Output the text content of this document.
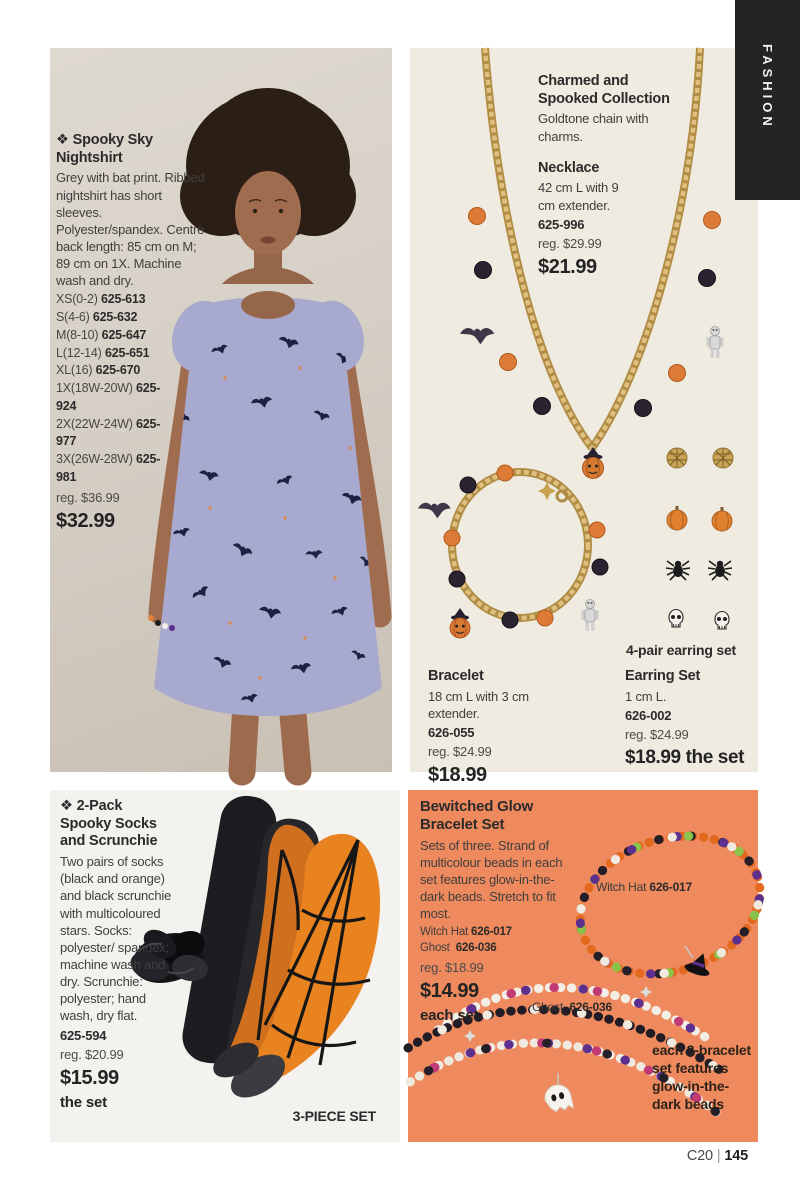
❖ Spooky Sky Nightshirt
Grey with bat print. Ribbed nightshirt has short sleeves. Polyester/spandex. Centre back length: 85 cm on M; 89 cm on 1X. Machine wash and dry.
XS(0-2) 625-613
S(4-6) 625-632
M(8-10) 625-647
L(12-14) 625-651
XL(16) 625-670
1X(18W-20W) 625-924
2X(22W-24W) 625-977
3X(26W-28W) 625-981
reg. $36.99
$32.99
Charmed and Spooked Collection
Goldtone chain with charms.
Necklace
42 cm L with 9 cm extender.
625-996
reg. $29.99
$21.99
4-pair earring set
Bracelet
18 cm L with 3 cm extender.
626-055
reg. $24.99
$18.99
Earring Set
1 cm L.
626-002
reg. $24.99
$18.99 the set
❖ 2-Pack Spooky Socks and Scrunchie
Two pairs of socks (black and orange) and black scrunchie with multicoloured stars. Socks: polyester/ spandex; machine wash and dry. Scrunchie: polyester; hand wash, dry flat.
625-594
reg. $20.99
$15.99
the set
3-PIECE SET
Bewitched Glow Bracelet Set
Sets of three. Strand of multicolour beads in each set features glow-in-the-dark beads. Stretch to fit most.
Witch Hat 626-017
Ghost 626-036
reg. $18.99
$14.99
each set
Witch Hat 626-017
Ghost 626-036
each 3-bracelet set features glow-in-the-dark beads
FASHION
C20 | 145
